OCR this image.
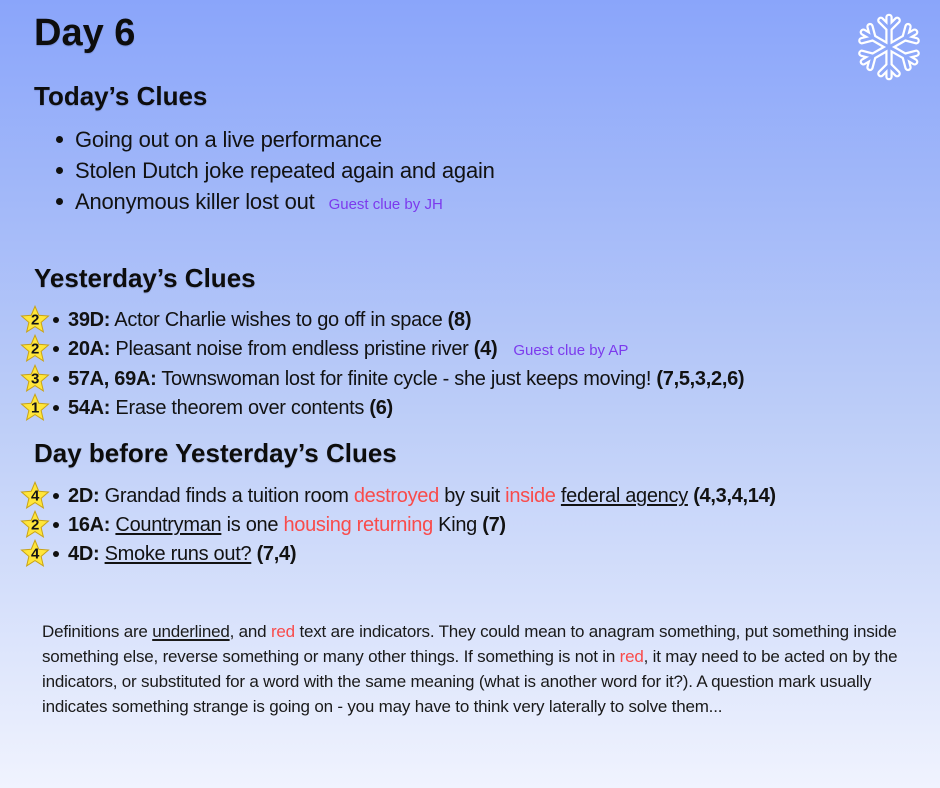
Day 6
Today’s Clues
Going out on a live performance
Stolen Dutch joke repeated again and again
Anonymous killer lost out Guest clue by JH
Yesterday’s Clues
2 39D: Actor Charlie wishes to go off in space (8)
2 20A: Pleasant noise from endless pristine river (4) Guest clue by AP
3 57A, 69A: Townswoman lost for finite cycle - she just keeps moving! (7,5,3,2,6)
1 54A: Erase theorem over contents (6)
Day before Yesterday’s Clues
4 2D: Grandad finds a tuition room destroyed by suit inside federal agency (4,3,4,14)
2 16A: Countryman is one housing returning King (7)
4 4D: Smoke runs out? (7,4)

Definitions are underlined, and red text are indicators. They could mean to anagram something, put something inside something else, reverse something or many other things. If something is not in red, it may need to be acted on by the indicators, or substituted for a word with the same meaning (what is another word for it?). A question mark usually indicates something strange is going on - you may have to think very laterally to solve them...
